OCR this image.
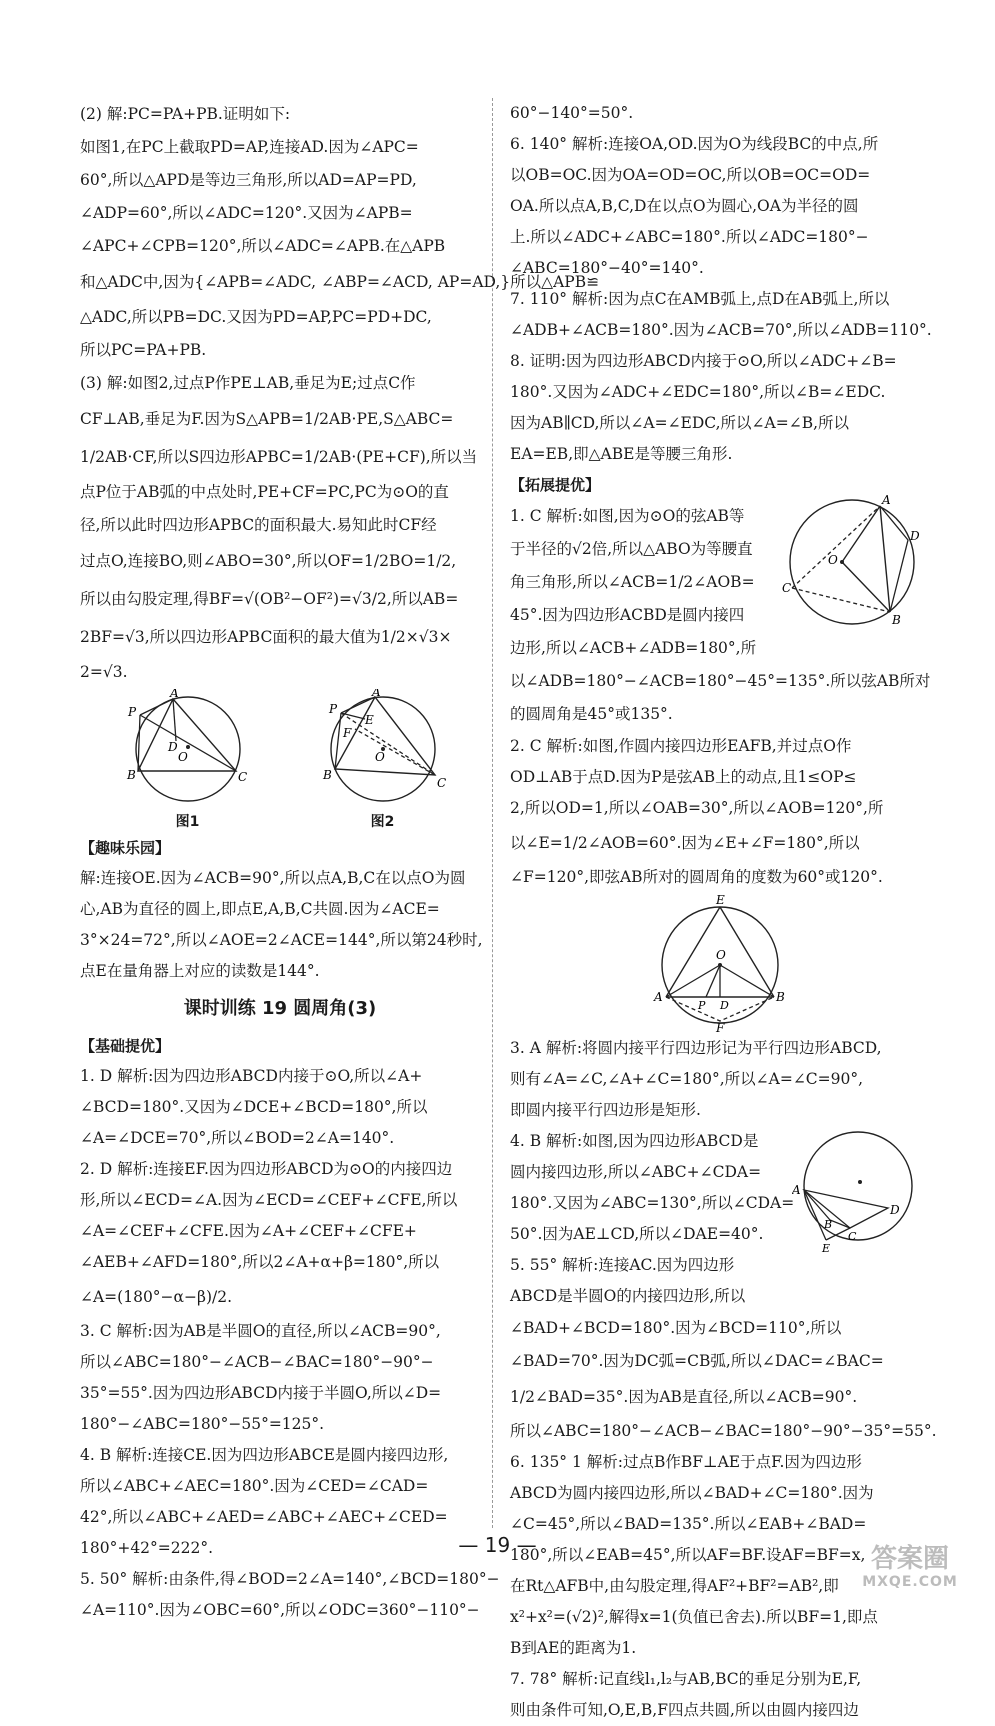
(2) 解:PC=PA+PB.证明如下:
如图1,在PC上截取PD=AP,连接AD.因为∠APC=
60°,所以△APD是等边三角形,所以AD=AP=PD,
∠ADP=60°,所以∠ADC=120°.又因为∠APB=
∠APC+∠CPB=120°,所以∠ADC=∠APB.在△APB
和△ADC中,因为{∠APB=∠ADC, ∠ABP=∠ACD, AP=AD,}所以△APB≌
△ADC,所以PB=DC.又因为PD=AP,PC=PD+DC,
所以PC=PA+PB.
(3) 解:如图2,过点P作PE⊥AB,垂足为E;过点C作
CF⊥AB,垂足为F.因为S△APB=1/2AB·PE,S△ABC=
1/2AB·CF,所以S四边形APBC=1/2AB·(PE+CF),所以当
点P位于AB弧的中点处时,PE+CF=PC,PC为⊙O的直
径,所以此时四边形APBC的面积最大.易知此时CF经
过点O,连接BO,则∠ABO=30°,所以OF=1/2BO=1/2,
所以由勾股定理,得BF=√(OB²−OF²)=√3/2,所以AB=
2BF=√3,所以四边形APBC面积的最大值为1/2×√3×
2=√3.
A
P
B	C
D
O
图1
A
P
B
C
E
F
O
图2
【趣味乐园】
解:连接OE.因为∠ACB=90°,所以点A,B,C在以点O为圆
心,AB为直径的圆上,即点E,A,B,C共圆.因为∠ACE=
3°×24=72°,所以∠AOE=2∠ACE=144°,所以第24秒时,
点E在量角器上对应的读数是144°.
课时训练 19 圆周角(3)
【基础提优】
1. D 解析:因为四边形ABCD内接于⊙O,所以∠A+
∠BCD=180°.又因为∠DCE+∠BCD=180°,所以
∠A=∠DCE=70°,所以∠BOD=2∠A=140°.
2. D 解析:连接EF.因为四边形ABCD为⊙O的内接四边
形,所以∠ECD=∠A.因为∠ECD=∠CEF+∠CFE,所以
∠A=∠CEF+∠CFE.因为∠A+∠CEF+∠CFE+
∠AEB+∠AFD=180°,所以2∠A+α+β=180°,所以
∠A=(180°−α−β)/2.
3. C 解析:因为AB是半圆O的直径,所以∠ACB=90°,
所以∠ABC=180°−∠ACB−∠BAC=180°−90°−
35°=55°.因为四边形ABCD内接于半圆O,所以∠D=
180°−∠ABC=180°−55°=125°.
4. B 解析:连接CE.因为四边形ABCE是圆内接四边形,
所以∠ABC+∠AEC=180°.因为∠CED=∠CAD=
42°,所以∠ABC+∠AED=∠ABC+∠AEC+∠CED=
180°+42°=222°.
5. 50° 解析:由条件,得∠BOD=2∠A=140°,∠BCD=180°−
∠A=110°.因为∠OBC=60°,所以∠ODC=360°−110°−
60°−140°=50°.
6. 140° 解析:连接OA,OD.因为O为线段BC的中点,所
以OB=OC.因为OA=OD=OC,所以OB=OC=OD=
OA.所以点A,B,C,D在以点O为圆心,OA为半径的圆
上.所以∠ADC+∠ABC=180°.所以∠ADC=180°−
∠ABC=180°−40°=140°.
7. 110° 解析:因为点C在AMB弧上,点D在AB弧上,所以
∠ADB+∠ACB=180°.因为∠ACB=70°,所以∠ADB=110°.
8. 证明:因为四边形ABCD内接于⊙O,所以∠ADC+∠B=
180°.又因为∠ADC+∠EDC=180°,所以∠B=∠EDC.
因为AB∥CD,所以∠A=∠EDC,所以∠A=∠B,所以
EA=EB,即△ABE是等腰三角形.
【拓展提优】
1. C 解析:如图,因为⊙O的弦AB等
于半径的√2倍,所以△ABO为等腰直
角三角形,所以∠ACB=1/2∠AOB=
45°.因为四边形ACBD是圆内接四
边形,所以∠ACB+∠ADB=180°,所
以∠ADB=180°−∠ACB=180°−45°=135°.所以弦AB所对
的圆周角是45°或135°.
A
D
C
B
O
2. C 解析:如图,作圆内接四边形EAFB,并过点O作
OD⊥AB于点D.因为P是弦AB上的动点,且1≤OP≤
2,所以OD=1,所以∠OAB=30°,所以∠AOB=120°,所
以∠E=1/2∠AOB=60°.因为∠E+∠F=180°,所以
∠F=120°,即弦AB所对的圆周角的度数为60°或120°.
E
O
A	B
P D
F
3. A 解析:将圆内接平行四边形记为平行四边形ABCD,
则有∠A=∠C,∠A+∠C=180°,所以∠A=∠C=90°,
即圆内接平行四边形是矩形.
4. B 解析:如图,因为四边形ABCD是
圆内接四边形,所以∠ABC+∠CDA=
180°.又因为∠ABC=130°,所以∠CDA=
50°.因为AE⊥CD,所以∠DAE=40°.
5. 55° 解析:连接AC.因为四边形
ABCD是半圆O的内接四边形,所以
A
B
C
D
E
∠BAD+∠BCD=180°.因为∠BCD=110°,所以
∠BAD=70°.因为DC弧=CB弧,所以∠DAC=∠BAC=
1/2∠BAD=35°.因为AB是直径,所以∠ACB=90°.
所以∠ABC=180°−∠ACB−∠BAC=180°−90°−35°=55°.
6. 135° 1 解析:过点B作BF⊥AE于点F.因为四边形
ABCD为圆内接四边形,所以∠BAD+∠C=180°.因为
∠C=45°,所以∠BAD=135°.所以∠EAB+∠BAD=
180°,所以∠EAB=45°,所以AF=BF.设AF=BF=x,
在Rt△AFB中,由勾股定理,得AF²+BF²=AB²,即
x²+x²=(√2)²,解得x=1(负值已舍去).所以BF=1,即点
B到AE的距离为1.
7. 78° 解析:记直线l₁,l₂与AB,BC的垂足分别为E,F,
则由条件可知,O,E,B,F四点共圆,所以由圆内接四边
— 19 —	答案圈
MXQE.COM
